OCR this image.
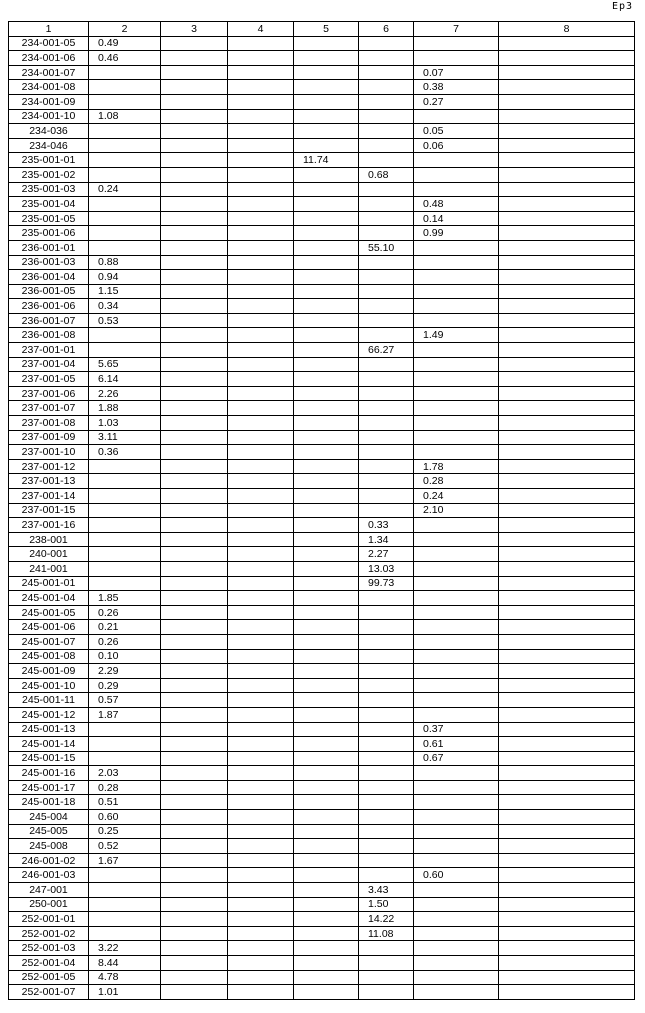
Ep3
1	2	3	4	5	6	7	8
234-001-05	0.49						
234-001-06	0.46						
234-001-07						0.07	
234-001-08						0.38	
234-001-09						0.27	
234-001-10	1.08						
234-036						0.05	
234-046						0.06	
235-001-01				11.74			
235-001-02					0.68		
235-001-03	0.24						
235-001-04						0.48	
235-001-05						0.14	
235-001-06						0.99	
236-001-01					55.10		
236-001-03	0.88						
236-001-04	0.94						
236-001-05	1.15						
236-001-06	0.34						
236-001-07	0.53						
236-001-08						1.49	
237-001-01					66.27		
237-001-04	5.65						
237-001-05	6.14						
237-001-06	2.26						
237-001-07	1.88						
237-001-08	1.03						
237-001-09	3.11						
237-001-10	0.36						
237-001-12						1.78	
237-001-13						0.28	
237-001-14						0.24	
237-001-15						2.10	
237-001-16					0.33		
238-001					1.34		
240-001					2.27		
241-001					13.03		
245-001-01					99.73		
245-001-04	1.85						
245-001-05	0.26						
245-001-06	0.21						
245-001-07	0.26						
245-001-08	0.10						
245-001-09	2.29						
245-001-10	0.29						
245-001-11	0.57						
245-001-12	1.87						
245-001-13						0.37	
245-001-14						0.61	
245-001-15						0.67	
245-001-16	2.03						
245-001-17	0.28						
245-001-18	0.51						
245-004	0.60						
245-005	0.25						
245-008	0.52						
246-001-02	1.67						
246-001-03						0.60	
247-001					3.43		
250-001					1.50		
252-001-01					14.22		
252-001-02					11.08		
252-001-03	3.22						
252-001-04	8.44						
252-001-05	4.78						
252-001-07	1.01						
